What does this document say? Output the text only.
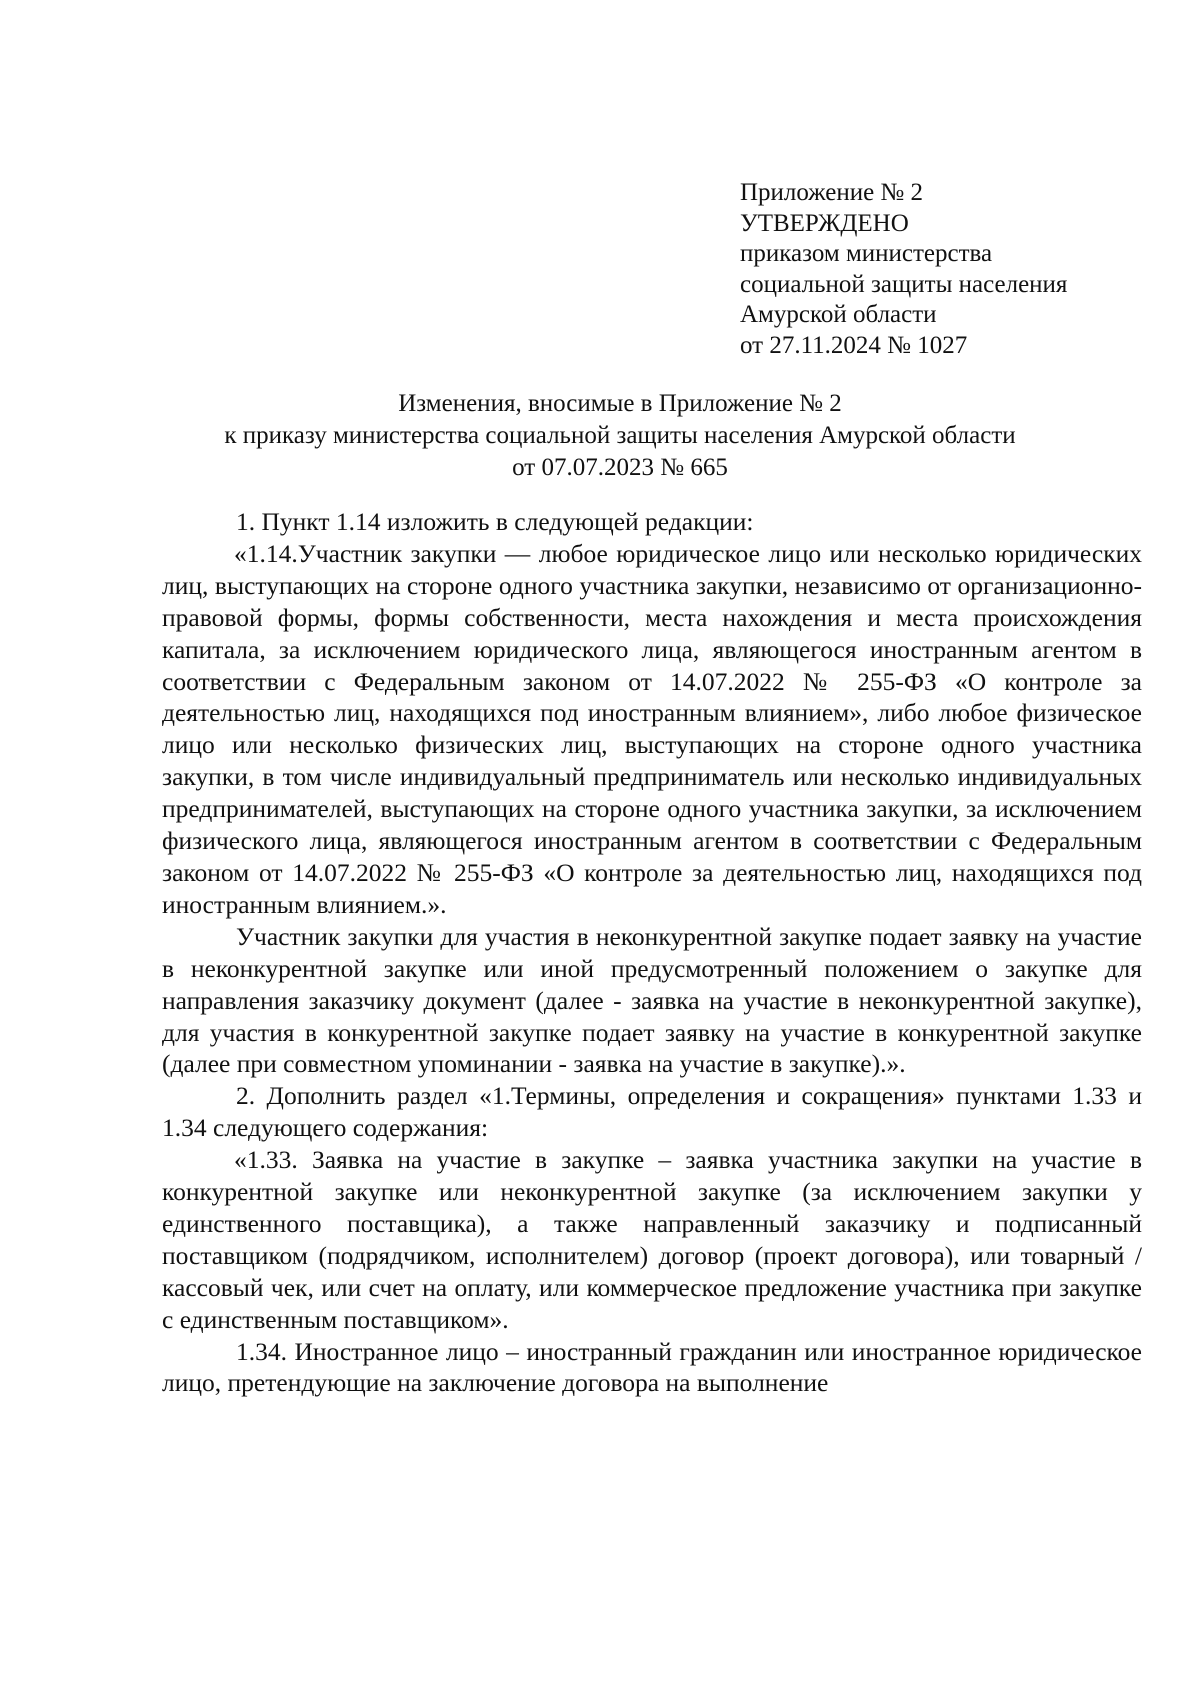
Приложение № 2
УТВЕРЖДЕНО
приказом министерства
социальной защиты населения
Амурской области
от 27.11.2024 № 1027
Изменения, вносимые в Приложение № 2
к приказу министерства социальной защиты населения Амурской области
от 07.07.2023 № 665

1. Пункт 1.14 изложить в следующей редакции:

«1.14.Участник закупки — любое юридическое лицо или несколько юридических лиц, выступающих на стороне одного участника закупки, независимо от организационно-правовой формы, формы собственности, места нахождения и места происхождения капитала, за исключением юридического лица, являющегося иностранным агентом в соответствии с Федеральным законом от 14.07.2022 № 255-ФЗ «О контроле за деятельностью лиц, находящихся под иностранным влиянием», либо любое физическое лицо или несколько физических лиц, выступающих на стороне одного участника закупки, в том числе индивидуальный предприниматель или несколько индивидуальных предпринимателей, выступающих на стороне одного участника закупки, за исключением физического лица, являющегося иностранным агентом в соответствии с Федеральным законом от 14.07.2022 № 255-ФЗ «О контроле за деятельностью лиц, находящихся под иностранным влиянием.».

Участник закупки для участия в неконкурентной закупке подает заявку на участие в неконкурентной закупке или иной предусмотренный положением о закупке для направления заказчику документ (далее - заявка на участие в неконкурентной закупке), для участия в конкурентной закупке подает заявку на участие в конкурентной закупке (далее при совместном упоминании - заявка на участие в закупке).».

2. Дополнить раздел «1.Термины, определения и сокращения» пунктами 1.33 и 1.34 следующего содержания:

«1.33. Заявка на участие в закупке – заявка участника закупки на участие в конкурентной закупке или неконкурентной закупке (за исключением закупки у единственного поставщика), а также направленный заказчику и подписанный поставщиком (подрядчиком, исполнителем) договор (проект договора), или товарный / кассовый чек, или счет на оплату, или коммерческое предложение участника при закупке с единственным поставщиком».

1.34. Иностранное лицо – иностранный гражданин или иностранное юридическое лицо, претендующие на заключение договора на выполнение
